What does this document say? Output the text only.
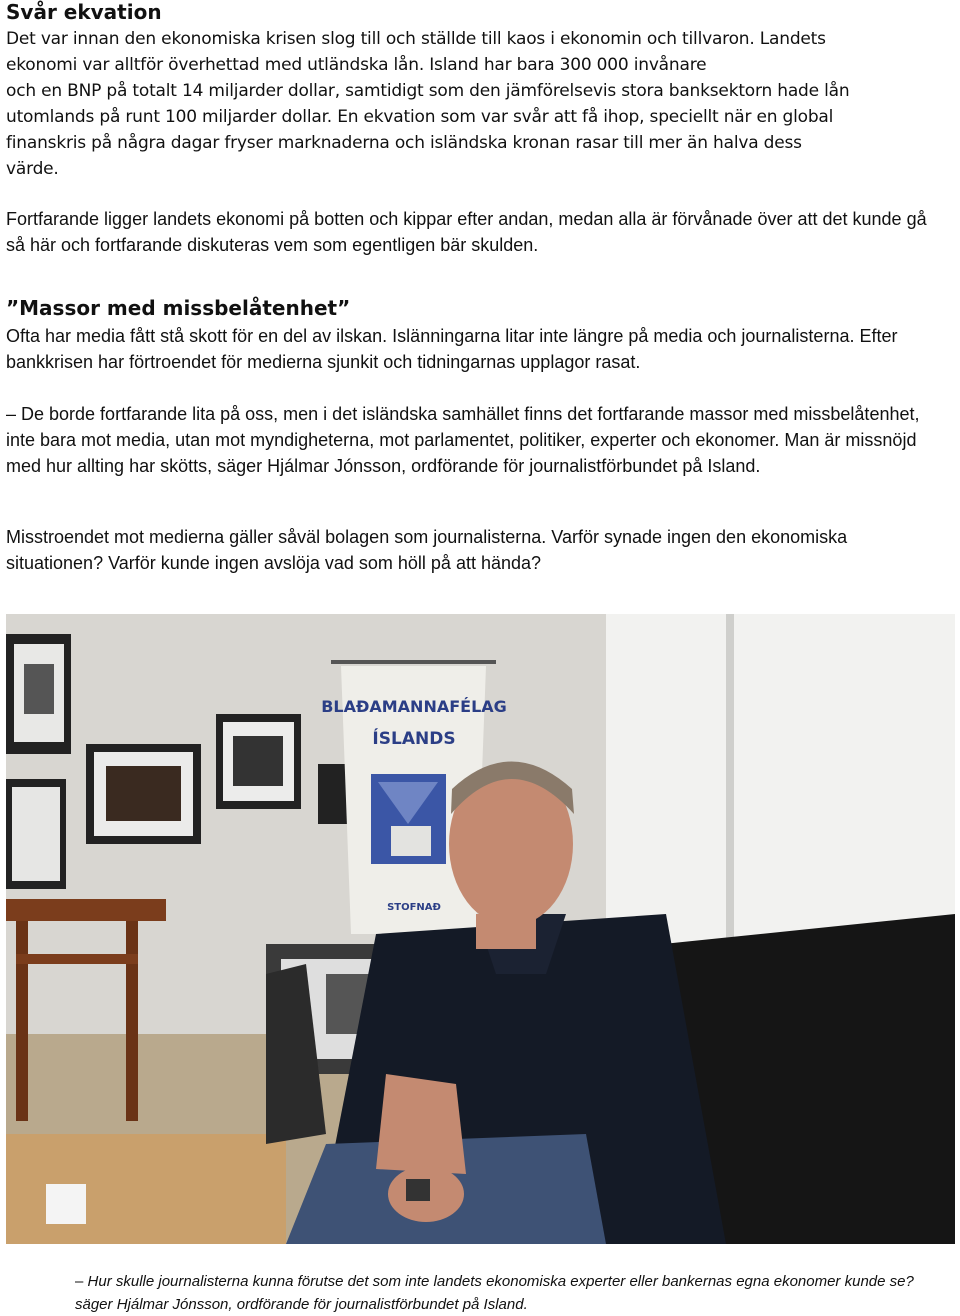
Svår ekvation
Det var innan den ekonomiska krisen slog till och ställde till kaos i ekonomin och tillvaron. Landets
ekonomi var alltför överhettad med utländska lån. Island har bara 300 000 invånare
och en BNP på totalt 14 miljarder dollar, samtidigt som den jämförelsevis stora banksektorn hade lån
utomlands på runt 100 miljarder dollar. En ekvation som var svår att få ihop, speciellt när en global
finanskris på några dagar fryser marknaderna och isländska kronan rasar till mer än halva dess
värde.

Fortfarande ligger landets ekonomi på botten och kippar efter andan, medan alla är förvånade över att det kunde gå så här och fortfarande diskuteras vem som egentligen bär skulden.

”Massor med missbelåtenhet”

Ofta har media fått stå skott för en del av ilskan. Islänningarna litar inte längre på media och journalisterna. Efter bankkrisen har förtroendet för medierna sjunkit och tidningarnas upplagor rasat.

– De borde fortfarande lita på oss, men i det isländska samhället finns det fortfarande massor med missbelåtenhet, inte bara mot media, utan mot myndigheterna, mot parlamentet, politiker, experter och ekonomer. Man är missnöjd med hur allting har skötts, säger Hjálmar Jónsson, ordförande för journalistförbundet på Island.

Misstroendet mot medierna gäller såväl bolagen som journalisterna. Varför synade ingen den ekonomiska situationen? Varför kunde ingen avslöja vad som höll på att hända?

BLAÐAMANNAFÉLAG
ÍSLANDS
STOFNAÐ

– Hur skulle journalisterna kunna förutse det som inte landets ekonomiska experter eller bankernas egna ekonomer kunde se? säger Hjálmar Jónsson, ordförande för journalistförbundet på Island.
